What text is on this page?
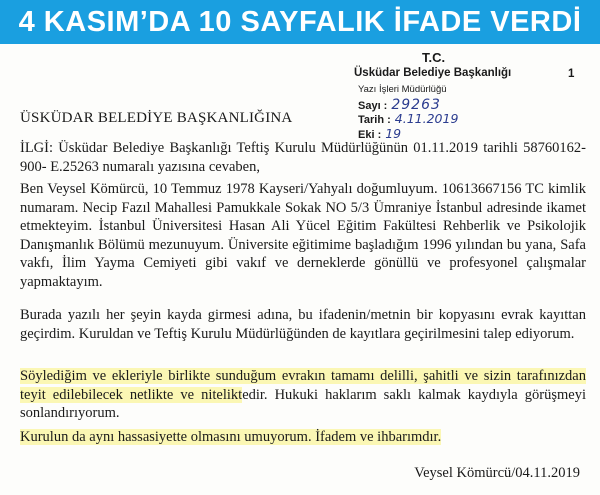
4 KASIM’DA 10 SAYFALIK İFADE VERDİ
T.C.
Üsküdar Belediye Başkanlığı	1
Yazı İşleri Müdürlüğü
Sayı : 29263
Tarih : 4.11.2019
Eki : 19
ÜSKÜDAR BELEDİYE BAŞKANLIĞINA

İLGİ: Üsküdar Belediye Başkanlığı Teftiş Kurulu Müdürlüğünün 01.11.2019 tarihli 58760162-900- E.25263 numaralı yazısına cevaben,

Ben Veysel Kömürcü, 10 Temmuz 1978 Kayseri/Yahyalı doğumluyum. 10613667156 TC kimlik numaram. Necip Fazıl Mahallesi Pamukkale Sokak NO 5/3 Ümraniye İstanbul adresinde ikamet etmekteyim. İstanbul Üniversitesi Hasan Ali Yücel Eğitim Fakültesi Rehberlik ve Psikolojik Danışmanlık Bölümü mezunuyum. Üniversite eğitimime başladığım 1996 yılından bu yana, Safa vakfı, İlim Yayma Cemiyeti gibi vakıf ve derneklerde gönüllü ve profesyonel çalışmalar yapmaktayım.

Burada yazılı her şeyin kayda girmesi adına, bu ifadenin/metnin bir kopyasını evrak kayıttan geçirdim. Kuruldan ve Teftiş Kurulu Müdürlüğünden de kayıtlara geçirilmesini talep ediyorum.

Söylediğim ve ekleriyle birlikte sunduğum evrakın tamamı delilli, şahitli ve sizin tarafınızdan teyit edilebilecek netlikte ve niteliktedir. Hukuki haklarım saklı kalmak kaydıyla görüşmeyi sonlandırıyorum.

Kurulun da aynı hassasiyette olmasını umuyorum. İfadem ve ihbarımdır.

Veysel Kömürcü/04.11.2019
